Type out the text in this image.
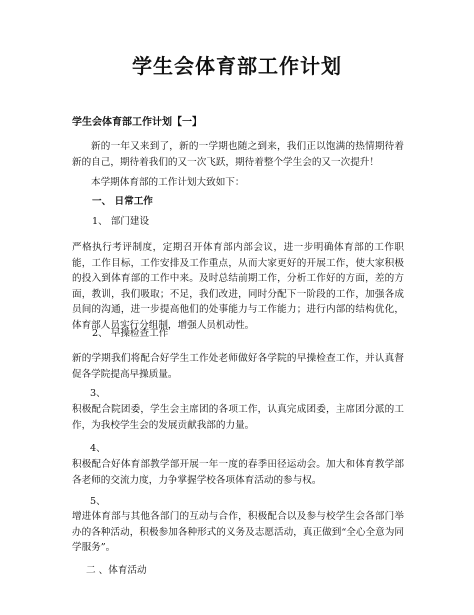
学生会体育部工作计划
学生会体育部工作计划【一】
新的一年又来到了，新的一学期也随之到来，我们正以饱满的热情期待着新的自己，期待着我们的又一次飞跃，期待着整个学生会的又一次提升！
本学期体育部的工作计划大致如下：
一、 日常工作
1、 部门建设
严格执行考评制度，定期召开体育部内部会议，进一步明确体育部的工作职能，工作目标，工作安排及工作重点，从而大家更好的开展工作，使大家积极的投入到体育部的工作中来。及时总结前期工作，分析工作好的方面，差的方面，教训，我们吸取；不足，我们改进，同时分配下一阶段的工作，加强各成员间的沟通，进一步提高他们的处事能力与工作能力；进行内部的结构优化，体育部人员实行分组制，增强人员机动性。
2、 早操检查工作
新的学期我们将配合好学生工作处老师做好各学院的早操检查工作，并认真督促各学院提高早操质量。
3、
积极配合院团委，学生会主席团的各项工作，认真完成团委，主席团分派的工作，为我校学生会的发展贡献我部的力量。
4、
积极配合好体育部教学部开展一年一度的春季田径运动会。加大和体育教学部各老师的交流力度，力争掌握学校各项体育活动的参与权。
5、
增进体育部与其他各部门的互动与合作，积极配合以及参与校学生会各部门举办的各种活动，积极参加各种形式的义务及志愿活动，真正做到“全心全意为同学服务”。
二 、体育活动
